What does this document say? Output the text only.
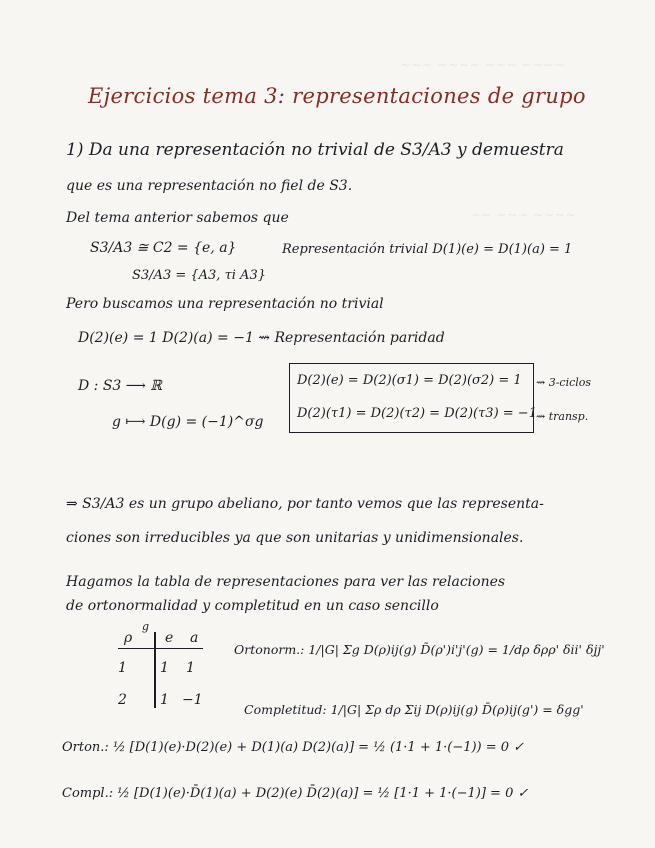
~~~ ~~~~ ~~~ ~~~~
~~ ~~~ ~~~~
Ejercicios tema 3: representaciones de grupo
1) Da una representación no trivial de S3/A3 y demuestra
que es una representación no fiel de S3.
Del tema anterior sabemos que
S3/A3 ≅ C2 = {e, a}	Representación trivial D(1)(e) = D(1)(a) = 1
S3/A3 = {A3, τi A3}
Pero buscamos una representación no trivial
D(2)(e) = 1 D(2)(a) = −1 ⇝ Representación paridad
D : S3 ⟶ ℝ
g ⟼ D(g) = (−1)^σg
D(2)(e) = D(2)(σ1) = D(2)(σ2) = 1
D(2)(τ1) = D(2)(τ2) = D(2)(τ3) = −1
⇝ 3-ciclos
⇝ transp.
⇒ S3/A3 es un grupo abeliano, por tanto vemos que las representa-
ciones son irreducibles ya que son unitarias y unidimensionales.
Hagamos la tabla de representaciones para ver las relaciones
de ortonormalidad y completitud en un caso sencillo
ρ
g
e a
1 1 1
2 1 −1
Ortonorm.: 1/|G| Σg D(ρ)ij(g) D̄(ρ')i'j'(g) = 1/dρ δρρ' δii' δjj'
Completitud: 1/|G| Σρ dρ Σij D(ρ)ij(g) D̄(ρ)ij(g') = δgg'
Orton.: ½ [D(1)(e)·D(2)(e) + D(1)(a) D(2)(a)] = ½ (1·1 + 1·(−1)) = 0 ✓
Compl.: ½ [D(1)(e)·D̄(1)(a) + D(2)(e) D̄(2)(a)] = ½ [1·1 + 1·(−1)] = 0 ✓
